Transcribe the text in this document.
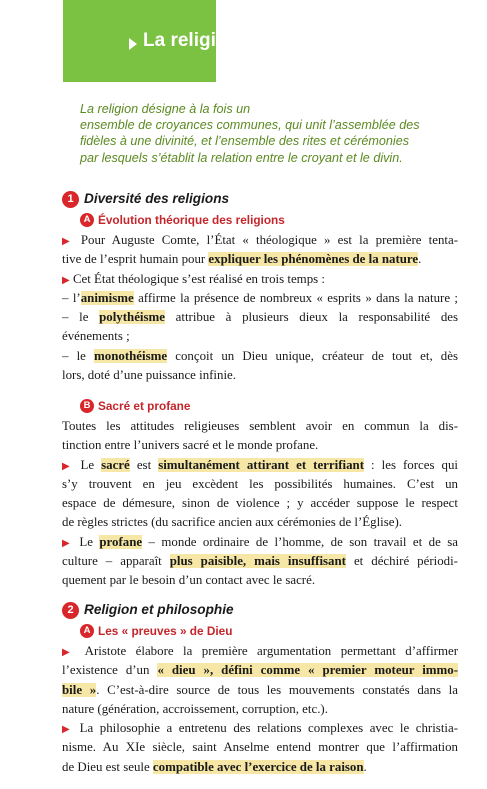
La religion
La religion désigne à la fois un
ensemble de croyances communes, qui unit l’assemblée des
fidèles à une divinité, et l’ensemble des rites et cérémonies
par lesquels s’établit la relation entre le croyant et le divin.
1 Diversité des religions
A Évolution théorique des religions
▶ Pour Auguste Comte, l’État « théologique » est la première tenta-
tive de l’esprit humain pour expliquer les phénomènes de la nature.
▶ Cet État théologique s’est réalisé en trois temps :
– l’animisme affirme la présence de nombreux « esprits » dans la nature ;
– le polythéisme attribue à plusieurs dieux la responsabilité des
événements ;
– le monothéisme conçoit un Dieu unique, créateur de tout et, dès
lors, doté d’une puissance infinie.
B Sacré et profane
Toutes les attitudes religieuses semblent avoir en commun la dis-
tinction entre l’univers sacré et le monde profane.
▶ Le sacré est simultanément attirant et terrifiant : les forces qui
s’y trouvent en jeu excèdent les possibilités humaines. C’est un
espace de démesure, sinon de violence ; y accéder suppose le respect
de règles strictes (du sacrifice ancien aux cérémonies de l’Église).
▶ Le profane – monde ordinaire de l’homme, de son travail et de sa
culture – apparaît plus paisible, mais insuffisant et déchiré périodi-
quement par le besoin d’un contact avec le sacré.
2 Religion et philosophie
A Les « preuves » de Dieu
▶ Aristote élabore la première argumentation permettant d’affirmer
l’existence d’un « dieu », défini comme « premier moteur immo-
bile ». C’est-à-dire source de tous les mouvements constatés dans la
nature (génération, accroissement, corruption, etc.).
▶ La philosophie a entretenu des relations complexes avec le christia-
nisme. Au XIe siècle, saint Anselme entend montrer que l’affirmation
de Dieu est seule compatible avec l’exercice de la raison.
